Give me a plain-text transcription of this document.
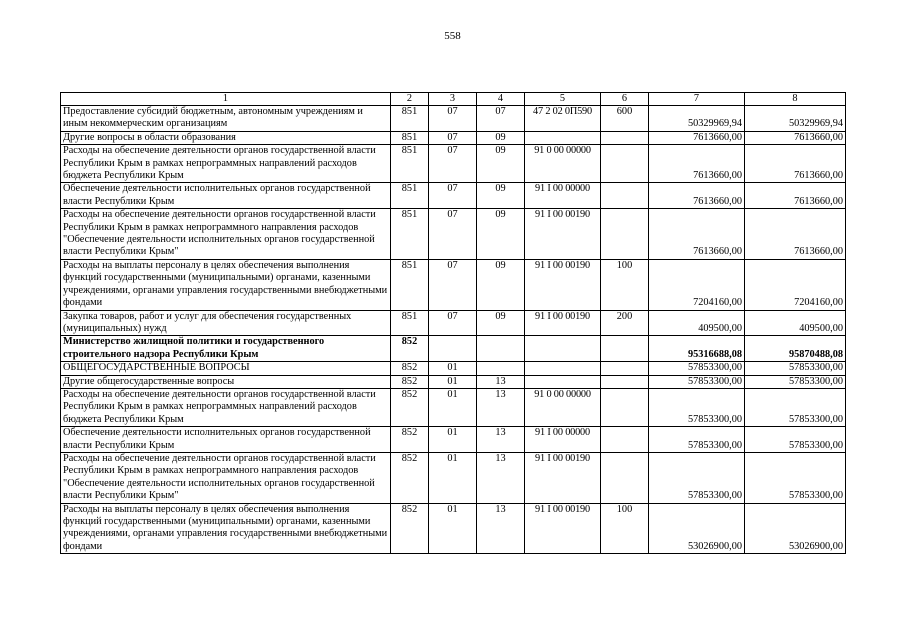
558
1	2	3	4	5	6	7	8
Предоставление субсидий бюджетным, автономным учреждениям и иным некоммерческим организациям	851	07	07	47 2 02 0П590	600	50329969,94	50329969,94
Другие вопросы в области образования	851	07	09			7613660,00	7613660,00
Расходы на обеспечение деятельности органов государственной власти Республики Крым в рамках непрограммных направлений расходов бюджета Республики Крым	851	07	09	91 0 00 00000		7613660,00	7613660,00
Обеспечение деятельности исполнительных органов государственной власти Республики Крым	851	07	09	91 I 00 00000		7613660,00	7613660,00
Расходы на обеспечение деятельности органов государственной власти Республики Крым в рамках непрограммного направления расходов "Обеспечение деятельности исполнительных органов государственной власти Республики Крым"	851	07	09	91 I 00 00190		7613660,00	7613660,00
Расходы на выплаты персоналу в целях обеспечения выполнения функций государственными (муниципальными) органами, казенными учреждениями, органами управления государственными внебюджетными фондами	851	07	09	91 I 00 00190	100	7204160,00	7204160,00
Закупка товаров, работ и услуг для обеспечения государственных (муниципальных) нужд	851	07	09	91 I 00 00190	200	409500,00	409500,00
Министерство жилищной политики и государственного строительного надзора Республики Крым	852					95316688,08	95870488,08
ОБЩЕГОСУДАРСТВЕННЫЕ ВОПРОСЫ	852	01				57853300,00	57853300,00
Другие общегосударственные вопросы	852	01	13			57853300,00	57853300,00
Расходы на обеспечение деятельности органов государственной власти Республики Крым в рамках непрограммных направлений расходов бюджета Республики Крым	852	01	13	91 0 00 00000		57853300,00	57853300,00
Обеспечение деятельности исполнительных органов государственной власти Республики Крым	852	01	13	91 I 00 00000		57853300,00	57853300,00
Расходы на обеспечение деятельности органов государственной власти Республики Крым в рамках непрограммного направления расходов "Обеспечение деятельности исполнительных органов государственной власти Республики Крым"	852	01	13	91 I 00 00190		57853300,00	57853300,00
Расходы на выплаты персоналу в целях обеспечения выполнения функций государственными (муниципальными) органами, казенными учреждениями, органами управления государственными внебюджетными фондами	852	01	13	91 I 00 00190	100	53026900,00	53026900,00
